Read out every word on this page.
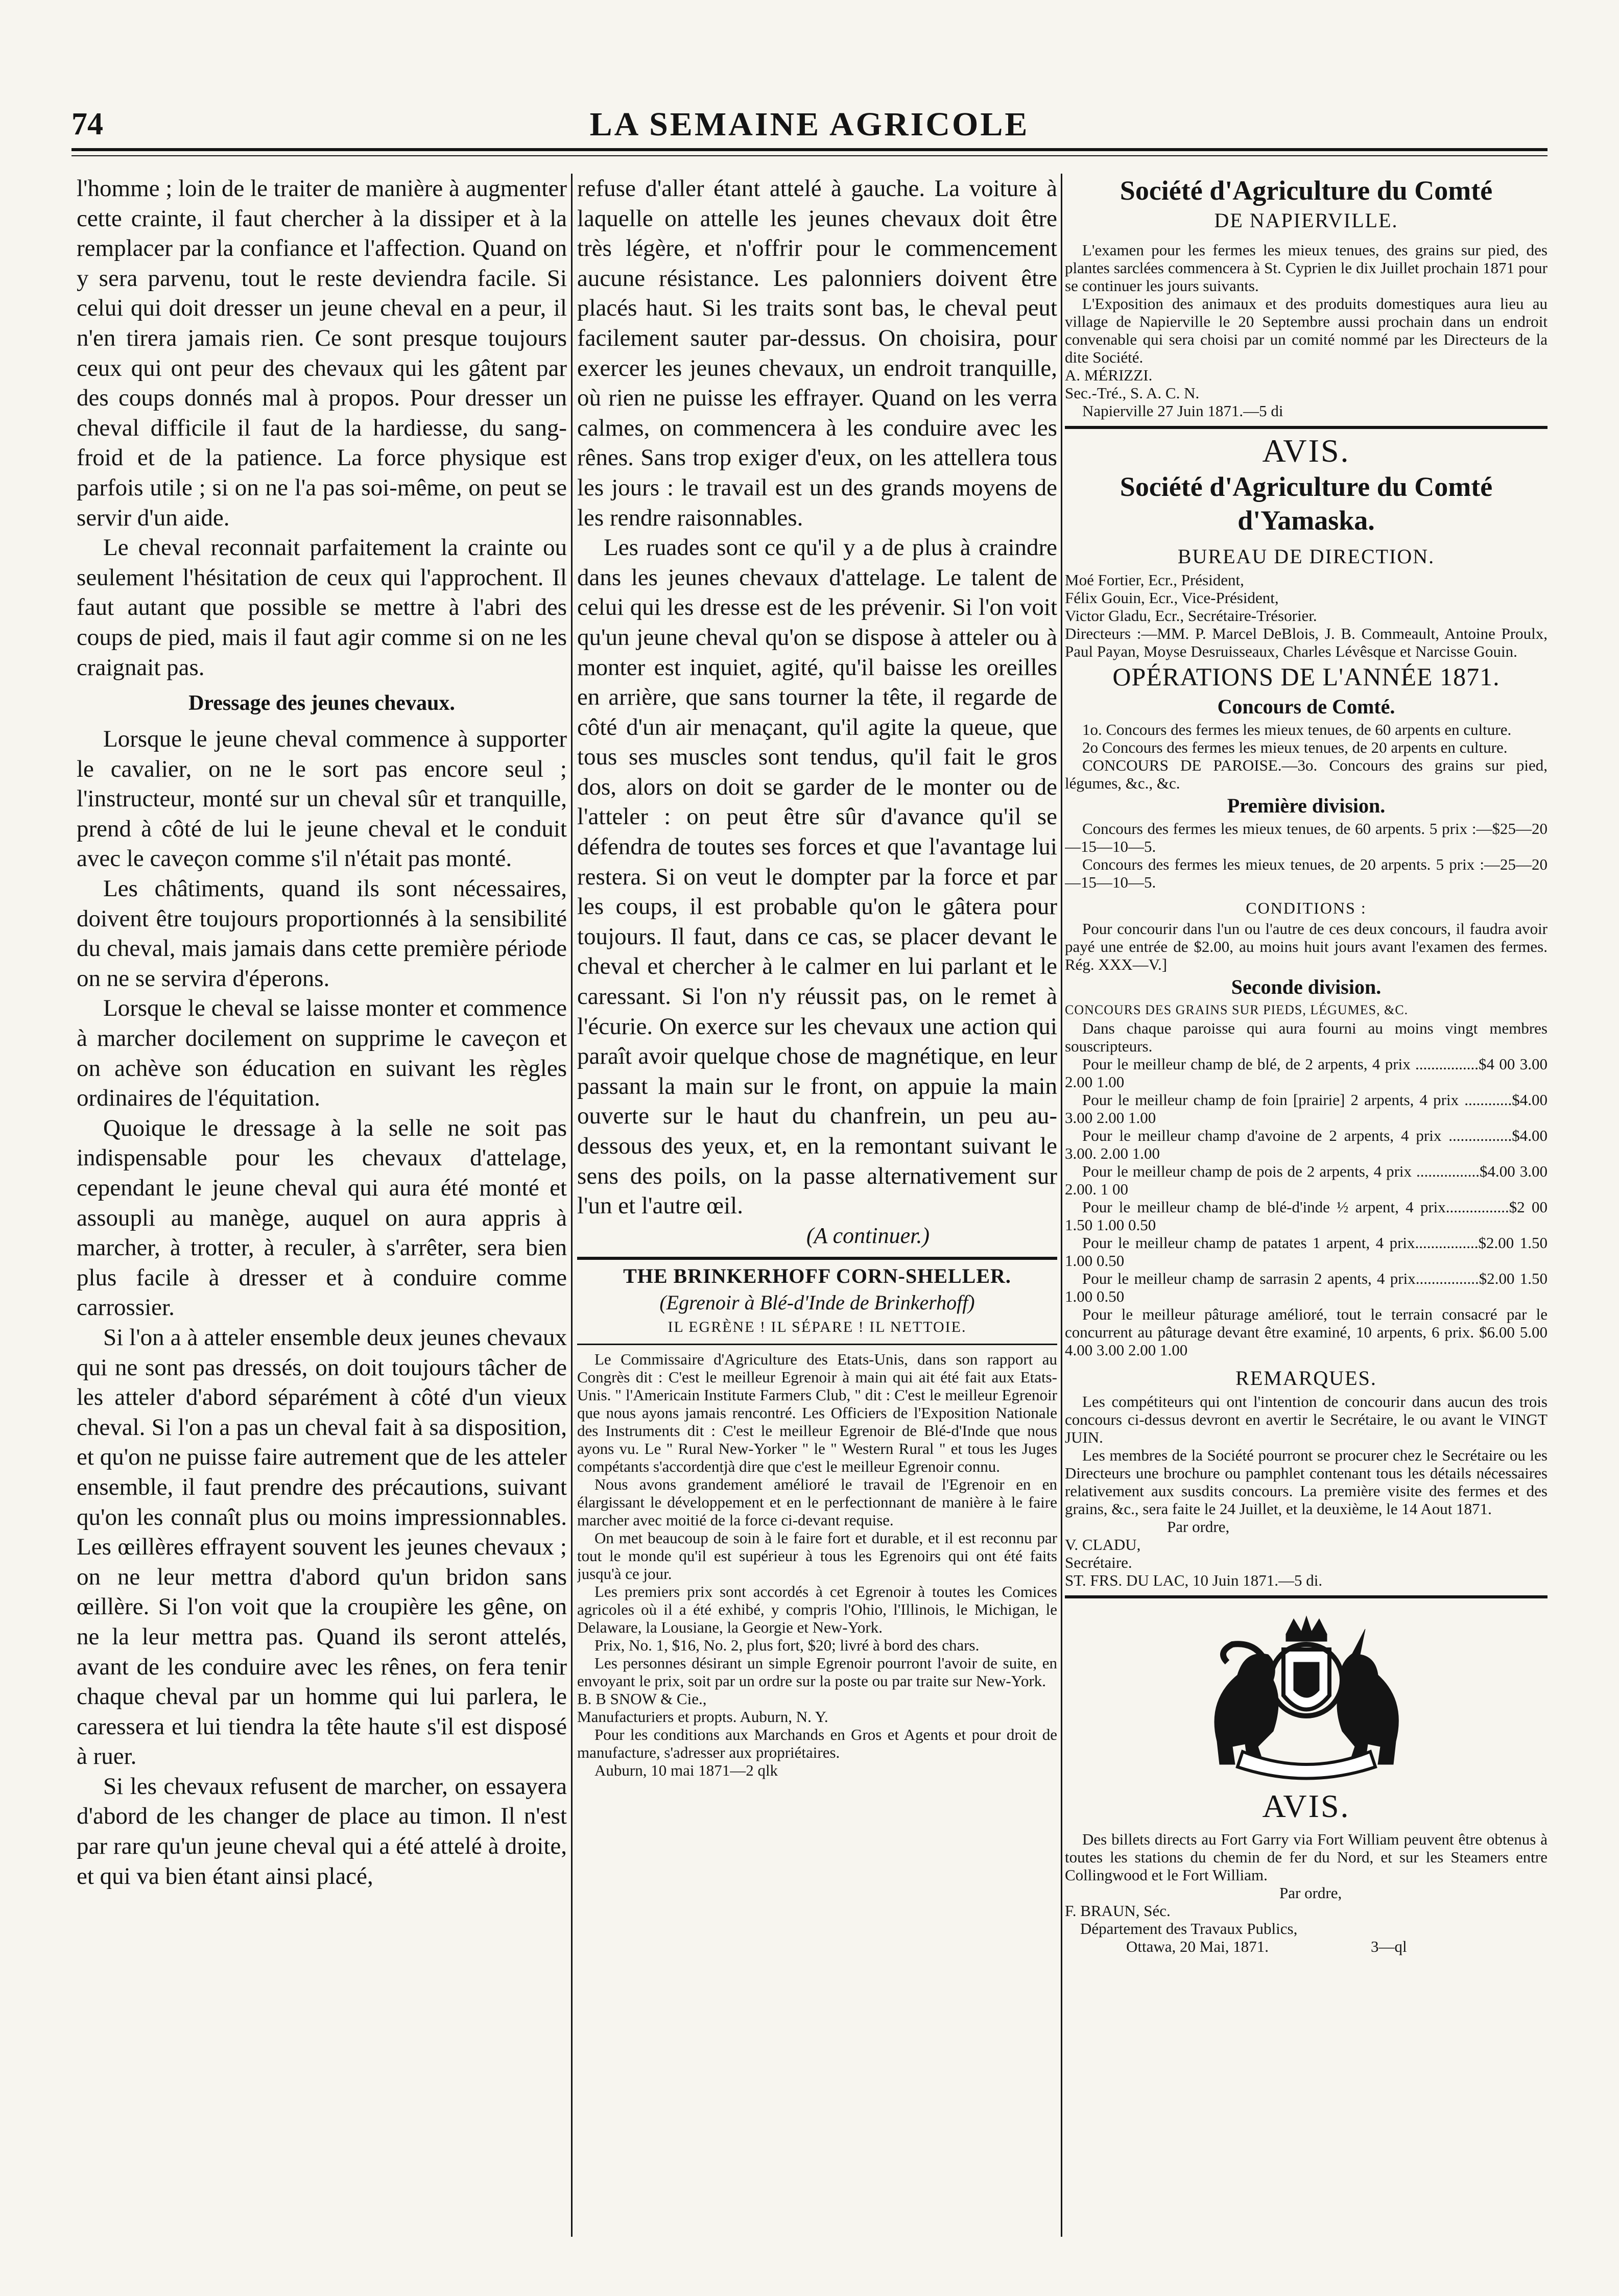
74	LA SEMAINE AGRICOLE

l'homme ; loin de le traiter de manière à augmenter cette crainte, il faut chercher à la dissiper et à la remplacer par la confiance et l'affection. Quand on y sera parvenu, tout le reste deviendra facile. Si celui qui doit dresser un jeune cheval en a peur, il n'en tirera jamais rien. Ce sont presque toujours ceux qui ont peur des chevaux qui les gâtent par des coups donnés mal à propos. Pour dresser un cheval difficile il faut de la hardiesse, du sang-froid et de la patience. La force physique est parfois utile ; si on ne l'a pas soi-même, on peut se servir d'un aide.

Le cheval reconnait parfaitement la crainte ou seulement l'hésitation de ceux qui l'approchent. Il faut autant que possible se mettre à l'abri des coups de pied, mais il faut agir comme si on ne les craignait pas.

Dressage des jeunes chevaux.

Lorsque le jeune cheval commence à supporter le cavalier, on ne le sort pas encore seul ; l'instructeur, monté sur un cheval sûr et tranquille, prend à côté de lui le jeune cheval et le conduit avec le caveçon comme s'il n'était pas monté.

Les châtiments, quand ils sont nécessaires, doivent être toujours proportionnés à la sensibilité du cheval, mais jamais dans cette première période on ne se servira d'éperons.

Lorsque le cheval se laisse monter et commence à marcher docilement on supprime le caveçon et on achève son éducation en suivant les règles ordinaires de l'équitation.

Quoique le dressage à la selle ne soit pas indispensable pour les chevaux d'attelage, cependant le jeune cheval qui aura été monté et assoupli au manège, auquel on aura appris à marcher, à trotter, à reculer, à s'arrêter, sera bien plus facile à dresser et à conduire comme carrossier.

Si l'on a à atteler ensemble deux jeunes chevaux qui ne sont pas dressés, on doit toujours tâcher de les atteler d'abord séparément à côté d'un vieux cheval. Si l'on a pas un cheval fait à sa disposition, et qu'on ne puisse faire autrement que de les atteler ensemble, il faut prendre des précautions, suivant qu'on les connaît plus ou moins impressionnables. Les œillères effrayent souvent les jeunes chevaux ; on ne leur mettra d'abord qu'un bridon sans œillère. Si l'on voit que la croupière les gêne, on ne la leur mettra pas. Quand ils seront attelés, avant de les conduire avec les rênes, on fera tenir chaque cheval par un homme qui lui parlera, le caressera et lui tiendra la tête haute s'il est disposé à ruer.

Si les chevaux refusent de marcher, on essayera d'abord de les changer de place au timon. Il n'est par rare qu'un jeune cheval qui a été attelé à droite, et qui va bien étant ainsi placé,

refuse d'aller étant attelé à gauche. La voiture à laquelle on attelle les jeunes chevaux doit être très légère, et n'offrir pour le commencement aucune résistance. Les palonniers doivent être placés haut. Si les traits sont bas, le cheval peut facilement sauter par-dessus. On choisira, pour exercer les jeunes chevaux, un endroit tranquille, où rien ne puisse les effrayer. Quand on les verra calmes, on commencera à les conduire avec les rênes. Sans trop exiger d'eux, on les attellera tous les jours : le travail est un des grands moyens de les rendre raisonnables.

Les ruades sont ce qu'il y a de plus à craindre dans les jeunes chevaux d'attelage. Le talent de celui qui les dresse est de les prévenir. Si l'on voit qu'un jeune cheval qu'on se dispose à atteler ou à monter est inquiet, agité, qu'il baisse les oreilles en arrière, que sans tourner la tête, il regarde de côté d'un air menaçant, qu'il agite la queue, que tous ses muscles sont tendus, qu'il fait le gros dos, alors on doit se garder de le monter ou de l'atteler : on peut être sûr d'avance qu'il se défendra de toutes ses forces et que l'avantage lui restera. Si on veut le dompter par la force et par les coups, il est probable qu'on le gâtera pour toujours. Il faut, dans ce cas, se placer devant le cheval et chercher à le calmer en lui parlant et le caressant. Si l'on n'y réussit pas, on le remet à l'écurie. On exerce sur les chevaux une action qui paraît avoir quelque chose de magnétique, en leur passant la main sur le front, on appuie la main ouverte sur le haut du chanfrein, un peu au-dessous des yeux, et, en la remontant suivant le sens des poils, on la passe alternativement sur l'un et l'autre œil.

(A continuer.)
THE BRINKERHOFF CORN-SHELLER.
(Egrenoir à Blé-d'Inde de Brinkerhoff)
IL EGRÈNE ! IL SÉPARE ! IL NETTOIE.

Le Commissaire d'Agriculture des Etats-Unis, dans son rapport au Congrès dit : C'est le meilleur Egrenoir à main qui ait été fait aux Etats-Unis. " l'Americain Institute Farmers Club, " dit : C'est le meilleur Egrenoir que nous ayons jamais rencontré. Les Officiers de l'Exposition Nationale des Instruments dit : C'est le meilleur Egrenoir de Blé-d'Inde que nous ayons vu. Le " Rural New-Yorker " le " Western Rural " et tous les Juges compétants s'accordentjà dire que c'est le meilleur Egrenoir connu.

Nous avons grandement amélioré le travail de l'Egrenoir en en élargissant le développement et en le perfectionnant de manière à le faire marcher avec moitié de la force ci-devant requise.

On met beaucoup de soin à le faire fort et durable, et il est reconnu par tout le monde qu'il est supérieur à tous les Egrenoirs qui ont été faits jusqu'à ce jour.

Les premiers prix sont accordés à cet Egrenoir à toutes les Comices agricoles où il a été exhibé, y compris l'Ohio, l'Illinois, le Michigan, le Delaware, la Lousiane, la Georgie et New-York.

Prix, No. 1, $16, No. 2, plus fort, $20; livré à bord des chars.

Les personnes désirant un simple Egrenoir pourront l'avoir de suite, en envoyant le prix, soit par un ordre sur la poste ou par traite sur New-York.

B. B SNOW & Cie.,

Manufacturiers et propts. Auburn, N. Y.

Pour les conditions aux Marchands en Gros et Agents et pour droit de manufacture, s'adresser aux propriétaires.

Auburn, 10 mai 1871—2 qlk

Société d'Agriculture du Comté
DE NAPIERVILLE.

L'examen pour les fermes les mieux tenues, des grains sur pied, des plantes sarclées commencera à St. Cyprien le dix Juillet prochain 1871 pour se continuer les jours suivants.

L'Exposition des animaux et des produits domestiques aura lieu au village de Napierville le 20 Septembre aussi prochain dans un endroit convenable qui sera choisi par un comité nommé par les Directeurs de la dite Société.

A. MÉRIZZI.

Sec.-Tré., S. A. C. N.

Napierville 27 Juin 1871.—5 di

AVIS.
Société d'Agriculture du Comté
d'Yamaska.
BUREAU DE DIRECTION.

Moé Fortier, Ecr., Président,

Félix Gouin, Ecr., Vice-Président,

Victor Gladu, Ecr., Secrétaire-Trésorier.

Directeurs :—MM. P. Marcel DeBlois, J. B. Commeault, Antoine Proulx, Paul Payan, Moyse Desruisseaux, Charles Lévêsque et Narcisse Gouin.

OPÉRATIONS DE L'ANNÉE 1871.
Concours de Comté.

1o. Concours des fermes les mieux tenues, de 60 arpents en culture.

2o Concours des fermes les mieux tenues, de 20 arpents en culture.

CONCOURS DE PAROISE.—3o. Concours des grains sur pied, légumes, &c., &c.

Première division.

Concours des fermes les mieux tenues, de 60 arpents. 5 prix :—$25—20—15—10—5.

Concours des fermes les mieux tenues, de 20 arpents. 5 prix :—25—20—15—10—5.

CONDITIONS :

Pour concourir dans l'un ou l'autre de ces deux concours, il faudra avoir payé une entrée de $2.00, au moins huit jours avant l'examen des fermes. Rég. XXX—V.]

Seconde division.
CONCOURS DES GRAINS SUR PIEDS, LÉGUMES, &C.

Dans chaque paroisse qui aura fourni au moins vingt membres souscripteurs.

Pour le meilleur champ de blé, de 2 arpents, 4 prix ................$4 00 3.00 2.00 1.00

Pour le meilleur champ de foin [prairie] 2 arpents, 4 prix ............$4.00 3.00 2.00 1.00

Pour le meilleur champ d'avoine de 2 arpents, 4 prix ................$4.00 3.00. 2.00 1.00

Pour le meilleur champ de pois de 2 arpents, 4 prix ................$4.00 3.00 2.00. 1 00

Pour le meilleur champ de blé-d'inde ½ arpent, 4 prix................$2 00 1.50 1.00 0.50

Pour le meilleur champ de patates 1 arpent, 4 prix................$2.00 1.50 1.00 0.50

Pour le meilleur champ de sarrasin 2 apents, 4 prix................$2.00 1.50 1.00 0.50

Pour le meilleur pâturage amélioré, tout le terrain consacré par le concurrent au pâturage devant être examiné, 10 arpents, 6 prix. $6.00 5.00 4.00 3.00 2.00 1.00

REMARQUES.

Les compétiteurs qui ont l'intention de concourir dans aucun des trois concours ci-dessus devront en avertir le Secrétaire, le ou avant le VINGT JUIN.

Les membres de la Société pourront se procurer chez le Secrétaire ou les Directeurs une brochure ou pamphlet contenant tous les détails nécessaires relativement aux susdits concours. La première visite des fermes et des grains, &c., sera faite le 24 Juillet, et la deuxième, le 14 Aout 1871.

Par ordre,

V. CLADU,

Secrétaire.

ST. FRS. DU LAC, 10 Juin 1871.—5 di.

AVIS.

Des billets directs au Fort Garry via Fort William peuvent être obtenus à toutes les stations du chemin de fer du Nord, et sur les Steamers entre Collingwood et le Fort William.

Par ordre,

F. BRAUN, Séc.

Département des Travaux Publics,

Ottawa, 20 Mai, 1871.	3—ql
